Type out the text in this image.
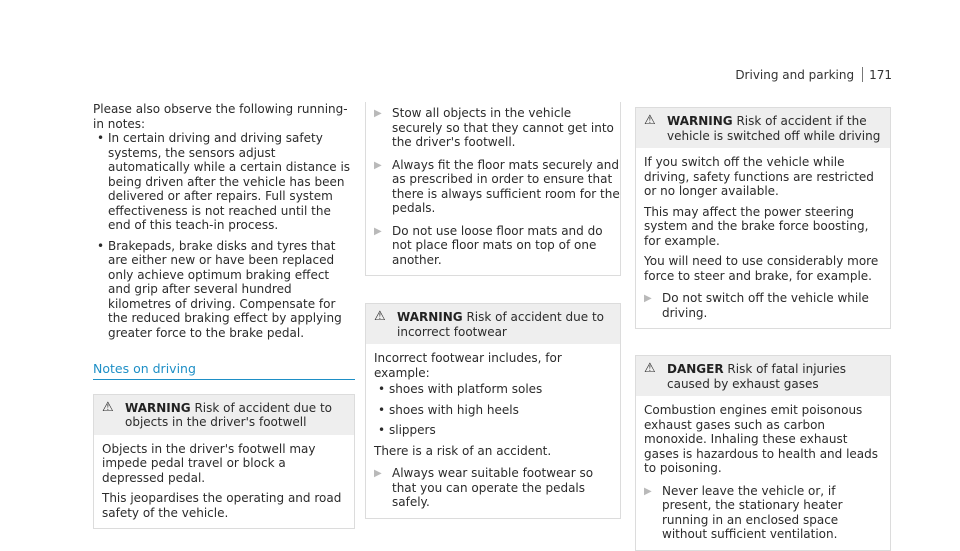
Driving and parking 171

Please also observe the following running-in notes:

• In certain driving and driving safety systems, the sensors adjust automatically while a certain distance is being driven after the vehicle has been delivered or after repairs. Full system effectiveness is not reached until the end of this teach-in process.
• Brakepads, brake disks and tyres that are either new or have been replaced only achieve optimum braking effect and grip after several hundred kilometres of driving. Compensate for the reduced braking effect by applying greater force to the brake pedal.
Notes on driving
⚠ WARNING Risk of accident due to objects in the driver's footwell

Objects in the driver's footwell may impede pedal travel or block a depressed pedal.

This jeopardises the operating and road safety of the vehicle.

▶ Stow all objects in the vehicle securely so that they cannot get into the driver's footwell.
▶ Always fit the floor mats securely and as prescribed in order to ensure that there is always sufficient room for the pedals.
▶ Do not use loose floor mats and do not place floor mats on top of one another.
⚠ WARNING Risk of accident due to incorrect footwear

Incorrect footwear includes, for example:

• shoes with platform soles
• shoes with high heels
• slippers

There is a risk of an accident.

▶ Always wear suitable footwear so that you can operate the pedals safely.
⚠ WARNING Risk of accident if the vehicle is switched off while driving

If you switch off the vehicle while driving, safety functions are restricted or no longer available.

This may affect the power steering system and the brake force boosting, for example.

You will need to use considerably more force to steer and brake, for example.

▶ Do not switch off the vehicle while driving.
⚠ DANGER Risk of fatal injuries caused by exhaust gases

Combustion engines emit poisonous exhaust gases such as carbon monoxide. Inhaling these exhaust gases is hazardous to health and leads to poisoning.

▶ Never leave the vehicle or, if present, the stationary heater running in an enclosed space without sufficient ventilation.
